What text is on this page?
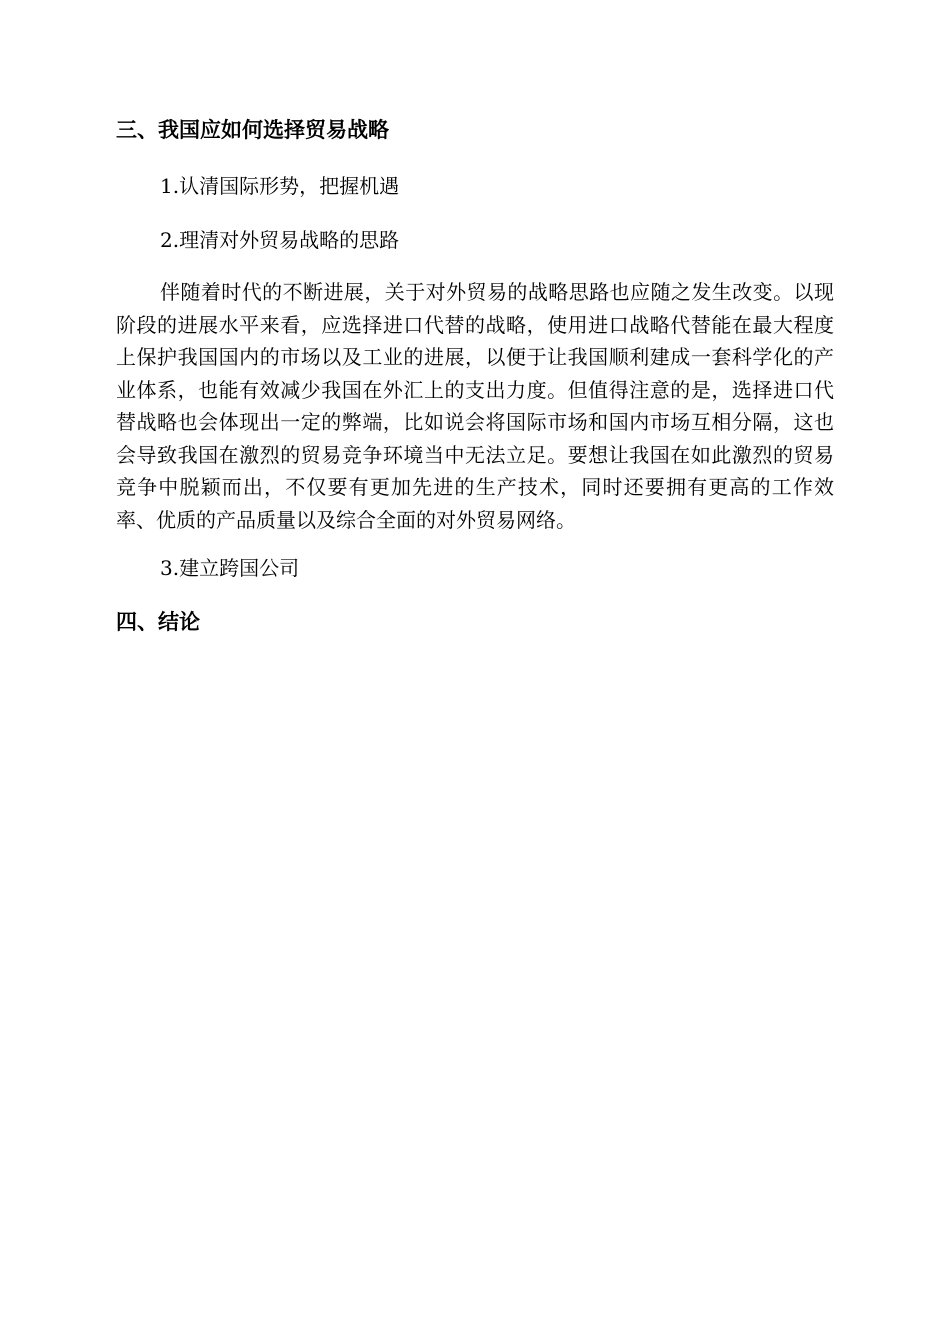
三、我国应如何选择贸易战略

1.认清国际形势，把握机遇

2.理清对外贸易战略的思路

伴随着时代的不断进展，关于对外贸易的战略思路也应随之发生改变。以现阶段的进展水平来看，应选择进口代替的战略，使用进口战略代替能在最大程度上保护我国国内的市场以及工业的进展，以便于让我国顺利建成一套科学化的产业体系，也能有效减少我国在外汇上的支出力度。但值得注意的是，选择进口代替战略也会体现出一定的弊端，比如说会将国际市场和国内市场互相分隔，这也会导致我国在激烈的贸易竞争环境当中无法立足。要想让我国在如此激烈的贸易竞争中脱颖而出，不仅要有更加先进的生产技术，同时还要拥有更高的工作效率、优质的产品质量以及综合全面的对外贸易网络。

3.建立跨国公司

四、结论
